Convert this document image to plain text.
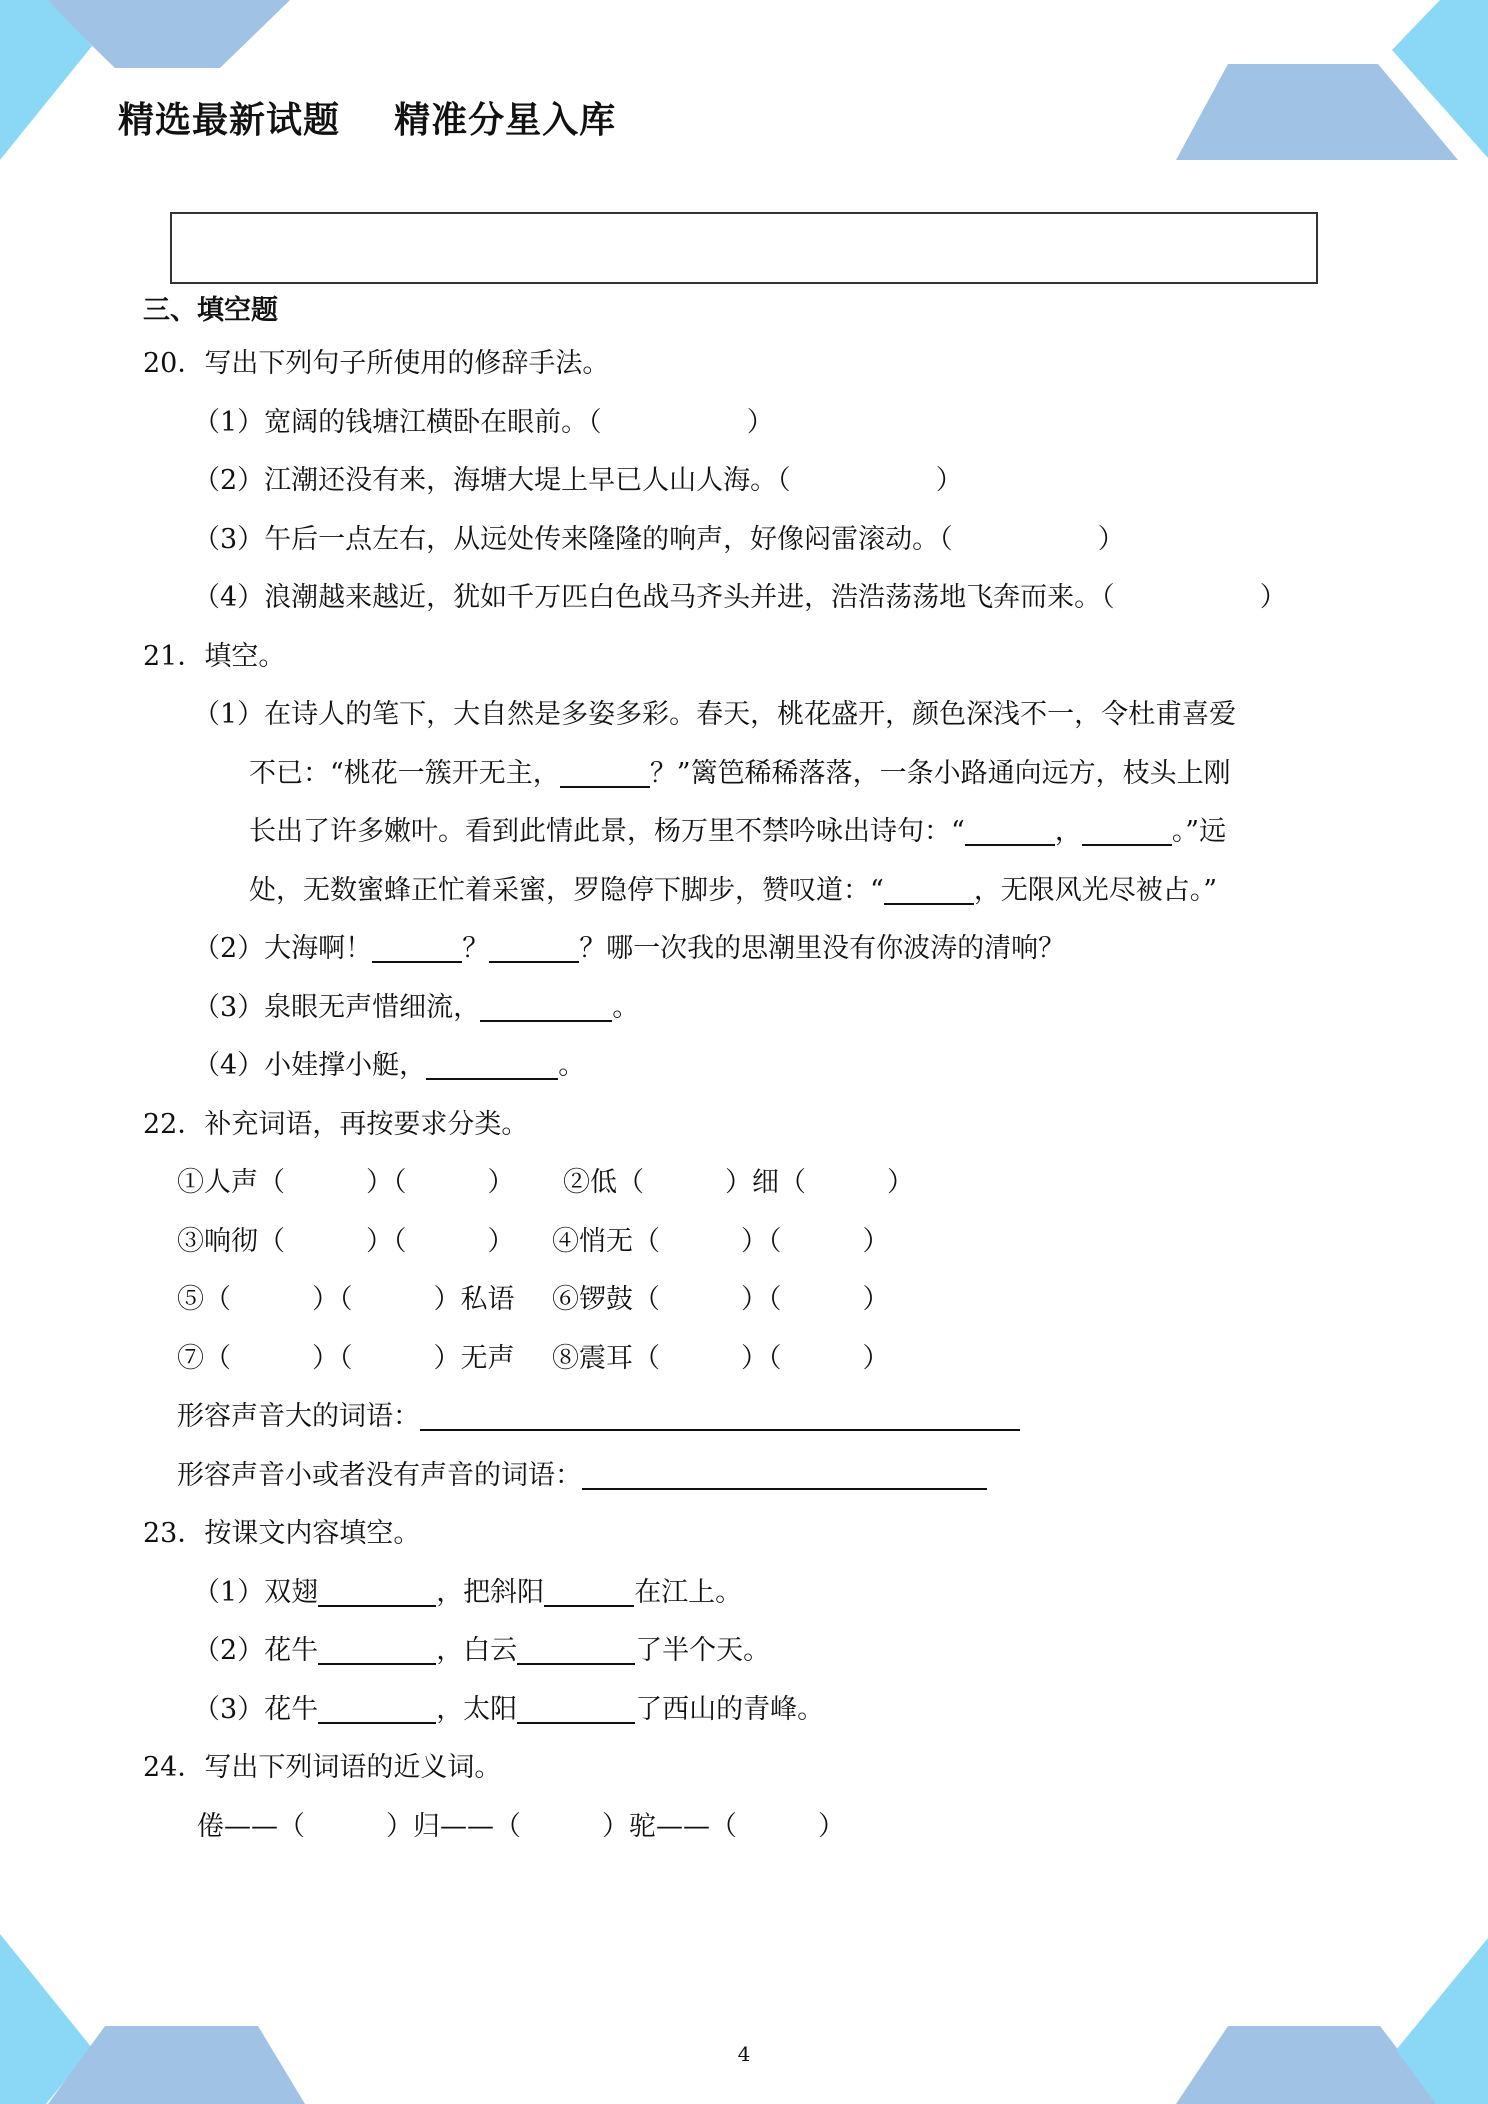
精选最新试题    精准分星入库
三、填空题
20．写出下列句子所使用的修辞手法。
（1）宽阔的钱塘江横卧在眼前。（	）
（2）江潮还没有来，海塘大堤上早已人山人海。（	）
（3）午后一点左右，从远处传来隆隆的响声，好像闷雷滚动。（	）
（4）浪潮越来越近，犹如千万匹白色战马齐头并进，浩浩荡荡地飞奔而来。（	）
21．填空。
（1）在诗人的笔下，大自然是多姿多彩。春天，桃花盛开，颜色深浅不一，令杜甫喜爱
不已：“桃花一簇开无主，	？”篱笆稀稀落落，一条小路通向远方，枝头上刚
长出了许多嫩叶。看到此情此景，杨万里不禁吟咏出诗句：“	，	。”远
处，无数蜜蜂正忙着采蜜，罗隐停下脚步，赞叹道：“	，无限风光尽被占。”
（2）大海啊！	？	？哪一次我的思潮里没有你波涛的清响？
（3）泉眼无声惜细流，	。
（4）小娃撑小艇，	。
22．补充词语，再按要求分类。
①人声（　　　）（　　　） ②低（　　　）细（　　　）
③响彻（　　　）（　　　） ④悄无（　　　）（　　　）
⑤（　　　）（　　　）私语 ⑥锣鼓（　　　）（　　　）
⑦（　　　）（　　　）无声 ⑧震耳（　　　）（　　　）
形容声音大的词语：
形容声音小或者没有声音的词语：
23．按课文内容填空。
（1）双翅	，把斜阳	在江上。
（2）花牛	，白云	了半个天。
（3）花牛	，太阳	了西山的青峰。
24．写出下列词语的近义词。
倦——（　　　）归——（　　　）驼——（　　　）
4
